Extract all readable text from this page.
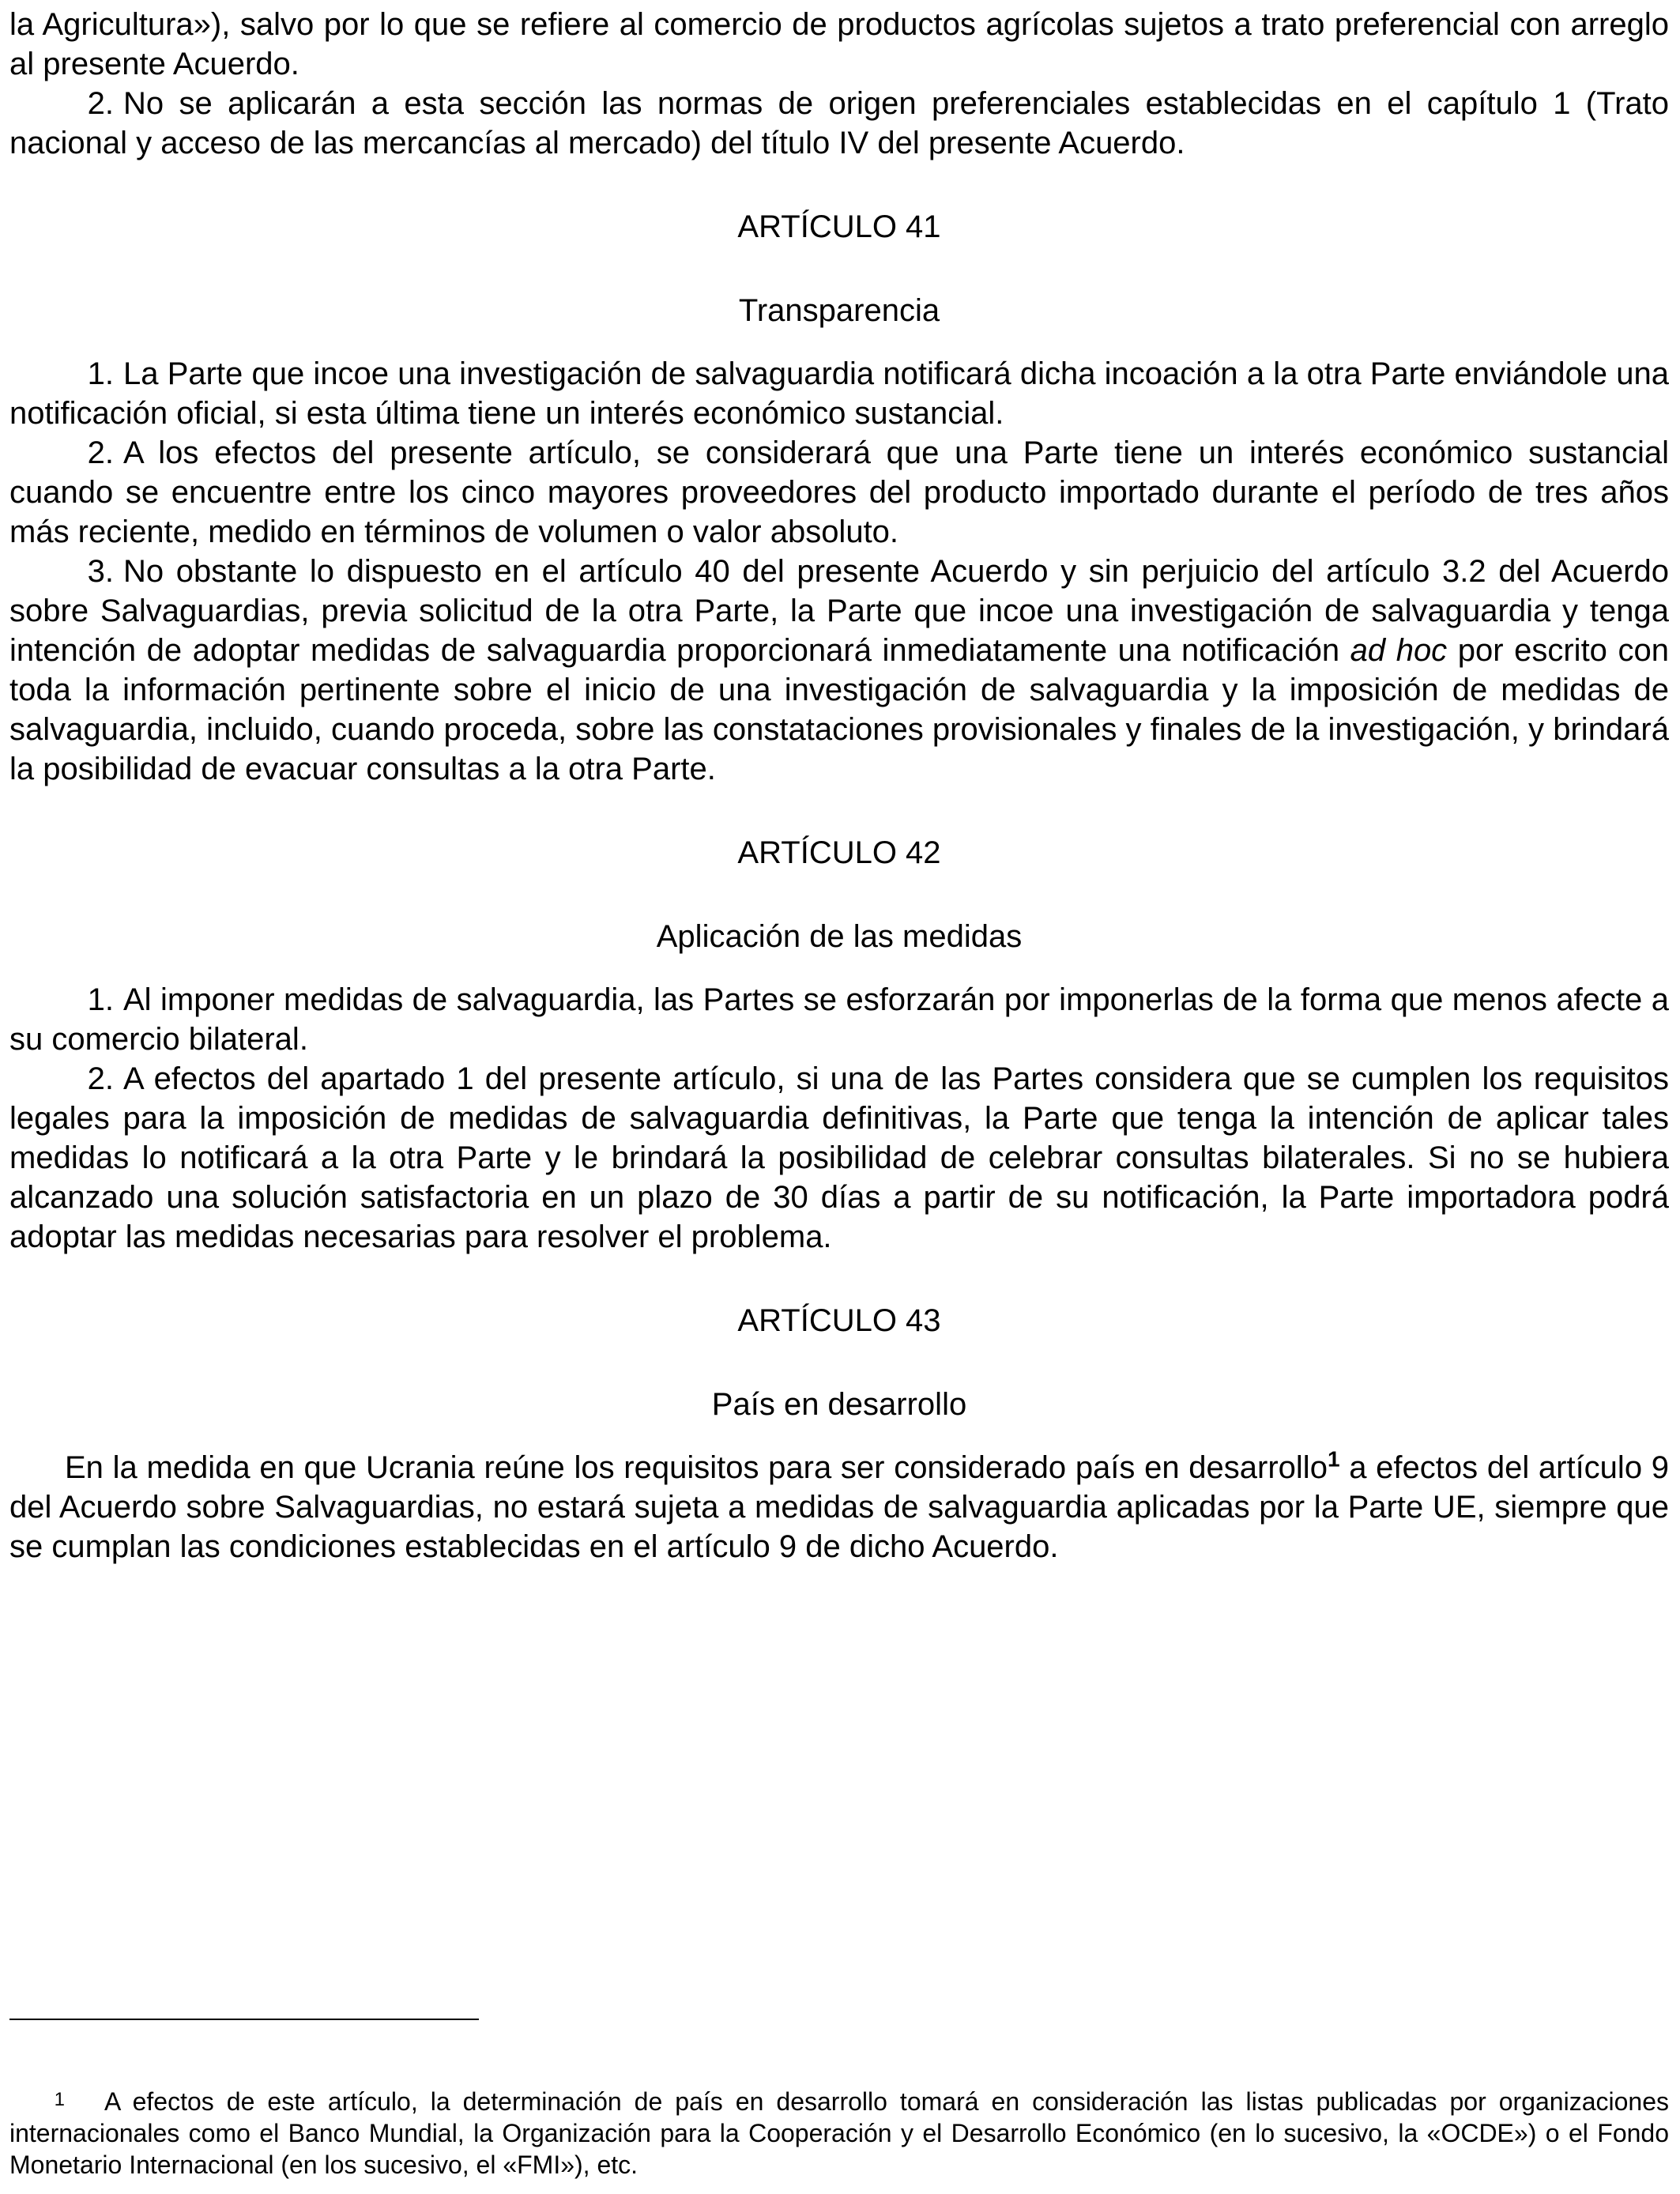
la Agricultura»), salvo por lo que se refiere al comercio de productos agrícolas sujetos a trato preferencial con arreglo al presente Acuerdo.

2. No se aplicarán a esta sección las normas de origen preferenciales establecidas en el capítulo 1 (Trato nacional y acceso de las mercancías al mercado) del título IV del presente Acuerdo.

ARTÍCULO 41

Transparencia

1. La Parte que incoe una investigación de salvaguardia notificará dicha incoación a la otra Parte enviándole una notificación oficial, si esta última tiene un interés económico sustancial.

2. A los efectos del presente artículo, se considerará que una Parte tiene un interés económico sustancial cuando se encuentre entre los cinco mayores proveedores del producto importado durante el período de tres años más reciente, medido en términos de volumen o valor absoluto.

3. No obstante lo dispuesto en el artículo 40 del presente Acuerdo y sin perjuicio del artículo 3.2 del Acuerdo sobre Salvaguardias, previa solicitud de la otra Parte, la Parte que incoe una investigación de salvaguardia y tenga intención de adoptar medidas de salvaguardia proporcionará inmediatamente una notificación ad hoc por escrito con toda la información pertinente sobre el inicio de una investigación de salvaguardia y la imposición de medidas de salvaguardia, incluido, cuando proceda, sobre las constataciones provisionales y finales de la investigación, y brindará la posibilidad de evacuar consultas a la otra Parte.

ARTÍCULO 42

Aplicación de las medidas

1. Al imponer medidas de salvaguardia, las Partes se esforzarán por imponerlas de la forma que menos afecte a su comercio bilateral.

2. A efectos del apartado 1 del presente artículo, si una de las Partes considera que se cumplen los requisitos legales para la imposición de medidas de salvaguardia definitivas, la Parte que tenga la intención de aplicar tales medidas lo notificará a la otra Parte y le brindará la posibilidad de celebrar consultas bilaterales. Si no se hubiera alcanzado una solución satisfactoria en un plazo de 30 días a partir de su notificación, la Parte importadora podrá adoptar las medidas necesarias para resolver el problema.

ARTÍCULO 43

País en desarrollo

En la medida en que Ucrania reúne los requisitos para ser considerado país en desarrollo$^1$ a efectos del artículo 9 del Acuerdo sobre Salvaguardias, no estará sujeta a medidas de salvaguardia aplicadas por la Parte UE, siempre que se cumplan las condiciones establecidas en el artículo 9 de dicho Acuerdo.

1 A efectos de este artículo, la determinación de país en desarrollo tomará en consideración las listas publicadas por organizaciones internacionales como el Banco Mundial, la Organización para la Cooperación y el Desarrollo Económico (en lo sucesivo, la «OCDE») o el Fondo Monetario Internacional (en los sucesivo, el «FMI»), etc.
